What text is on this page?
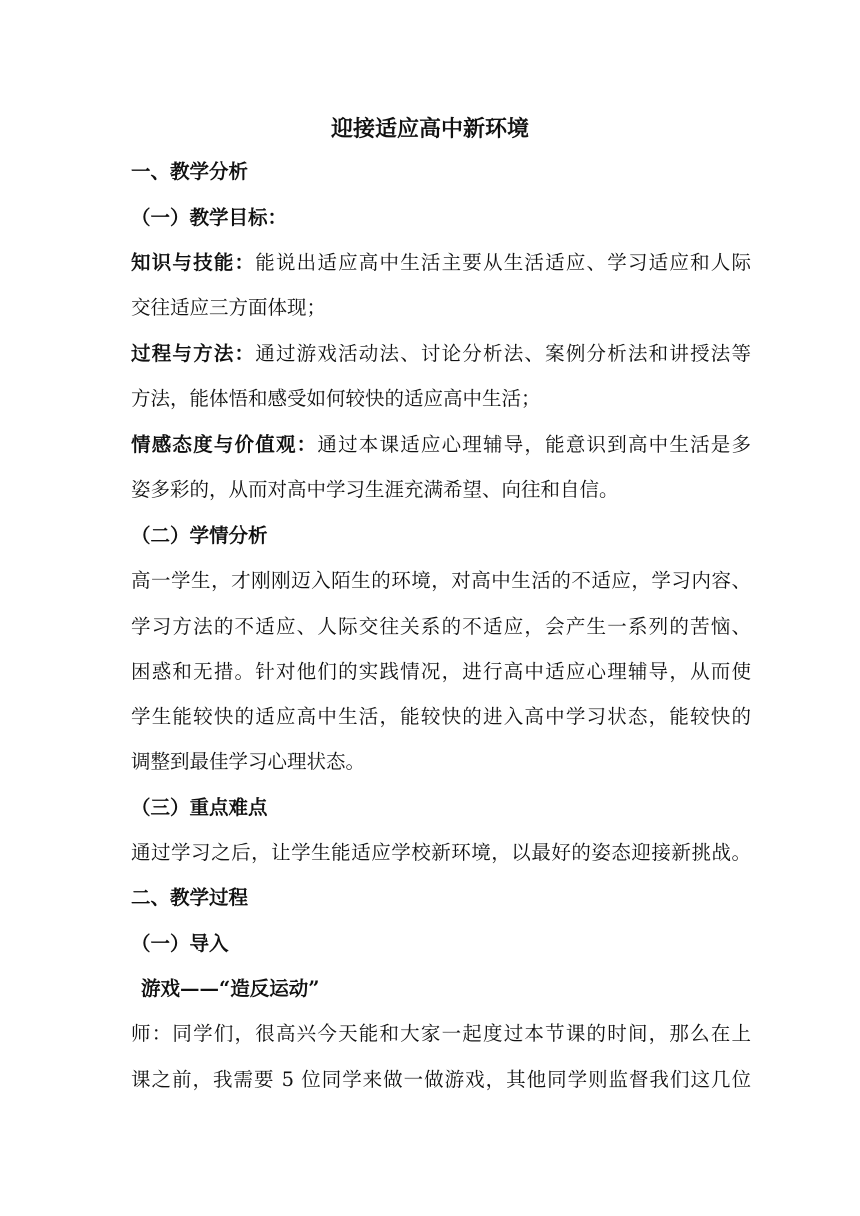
迎接适应高中新环境
一、教学分析
（一）教学目标：
知识与技能：能说出适应高中生活主要从生活适应、学习适应和人际
交往适应三方面体现；
过程与方法：通过游戏活动法、讨论分析法、案例分析法和讲授法等
方法，能体悟和感受如何较快的适应高中生活；
情感态度与价值观：通过本课适应心理辅导，能意识到高中生活是多
姿多彩的，从而对高中学习生涯充满希望、向往和自信。
（二）学情分析
高一学生，才刚刚迈入陌生的环境，对高中生活的不适应，学习内容、
学习方法的不适应、人际交往关系的不适应，会产生一系列的苦恼、
困惑和无措。针对他们的实践情况，进行高中适应心理辅导，从而使
学生能较快的适应高中生活，能较快的进入高中学习状态，能较快的
调整到最佳学习心理状态。
（三）重点难点
通过学习之后，让学生能适应学校新环境，以最好的姿态迎接新挑战。
二、教学过程
（一）导入
游戏——“造反运动”
师：同学们，很高兴今天能和大家一起度过本节课的时间，那么在上
课之前，我需要 5 位同学来做一做游戏，其他同学则监督我们这几位
